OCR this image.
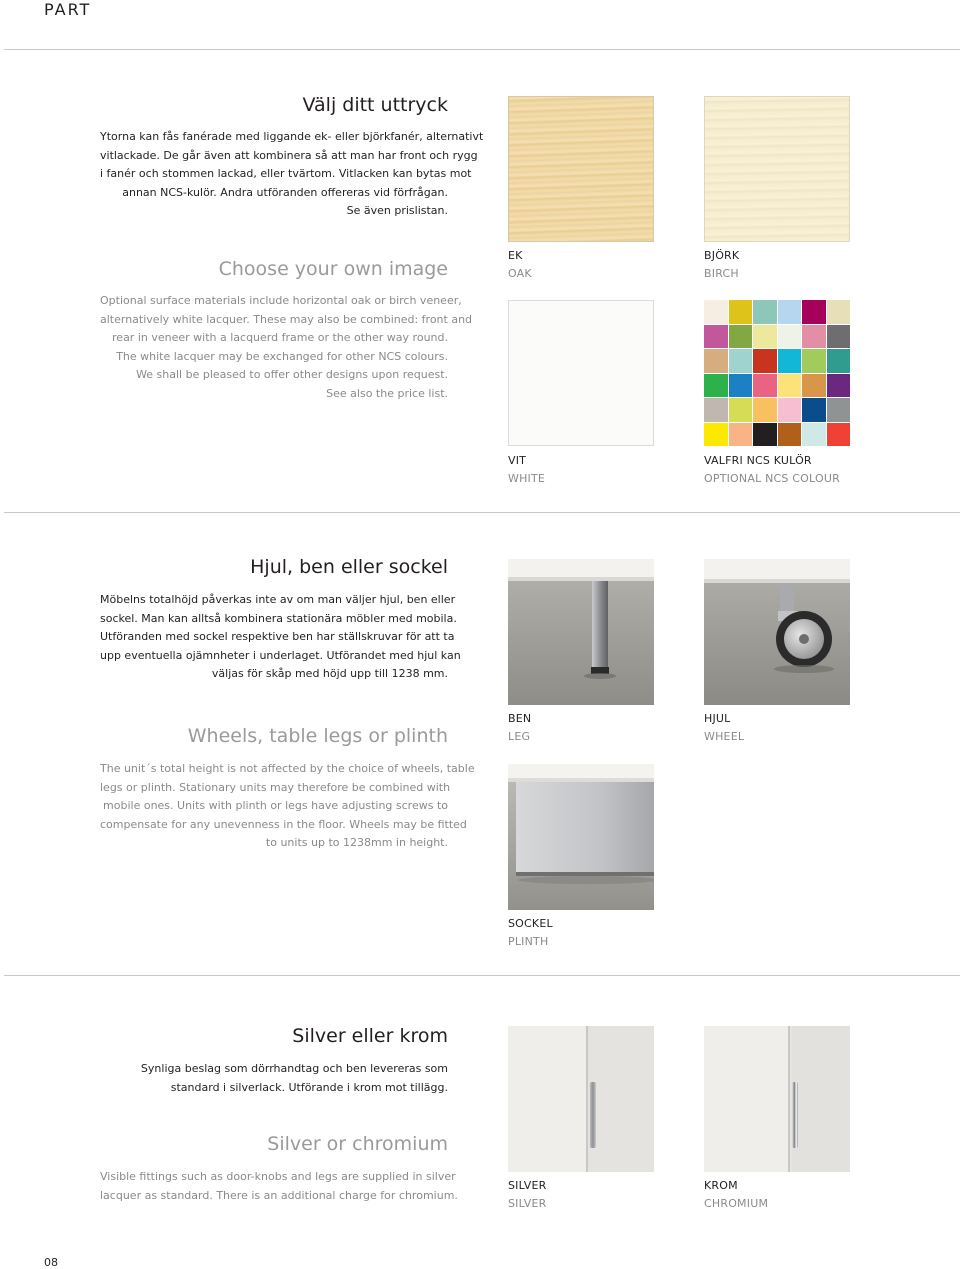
PART
Välj ditt uttryck
Ytorna kan fås fanérade med liggande ek- eller björkfanér, alternativt
vitlackade. De går även att kombinera så att man har front och rygg
i fanér och stommen lackad, eller tvärtom. Vitlacken kan bytas mot
annan NCS-kulör. Andra utföranden offereras vid förfrågan.
Se även prislistan.
Choose your own image
Optional surface materials include horizontal oak or birch veneer,
alternatively white lacquer. These may also be combined: front and
rear in veneer with a lacquerd frame or the other way round.
The white lacquer may be exchanged for other NCS colours.
We shall be pleased to offer other designs upon request.
See also the price list.
EK
OAK
BJÖRK
BIRCH
VIT
WHITE
VALFRI NCS KULÖR
OPTIONAL NCS COLOUR
Hjul, ben eller sockel
Möbelns totalhöjd påverkas inte av om man väljer hjul, ben eller
sockel. Man kan alltså kombinera stationära möbler med mobila.
Utföranden med sockel respektive ben har ställskruvar för att ta
upp eventuella ojämnheter i underlaget. Utförandet med hjul kan
väljas för skåp med höjd upp till 1238 mm.
Wheels, table legs or plinth
The unit´s total height is not affected by the choice of wheels, table
legs or plinth. Stationary units may therefore be combined with
mobile ones. Units with plinth or legs have adjusting screws to
compensate for any unevenness in the floor. Wheels may be fitted
to units up to 1238mm in height.
BEN
LEG
HJUL
WHEEL
SOCKEL
PLINTH
Silver eller krom
Synliga beslag som dörrhandtag och ben levereras som
standard i silverlack. Utförande i krom mot tillägg.
Silver or chromium
Visible fittings such as door-knobs and legs are supplied in silver
lacquer as standard. There is an additional charge for chromium.
SILVER
SILVER
KROM
CHROMIUM
08
